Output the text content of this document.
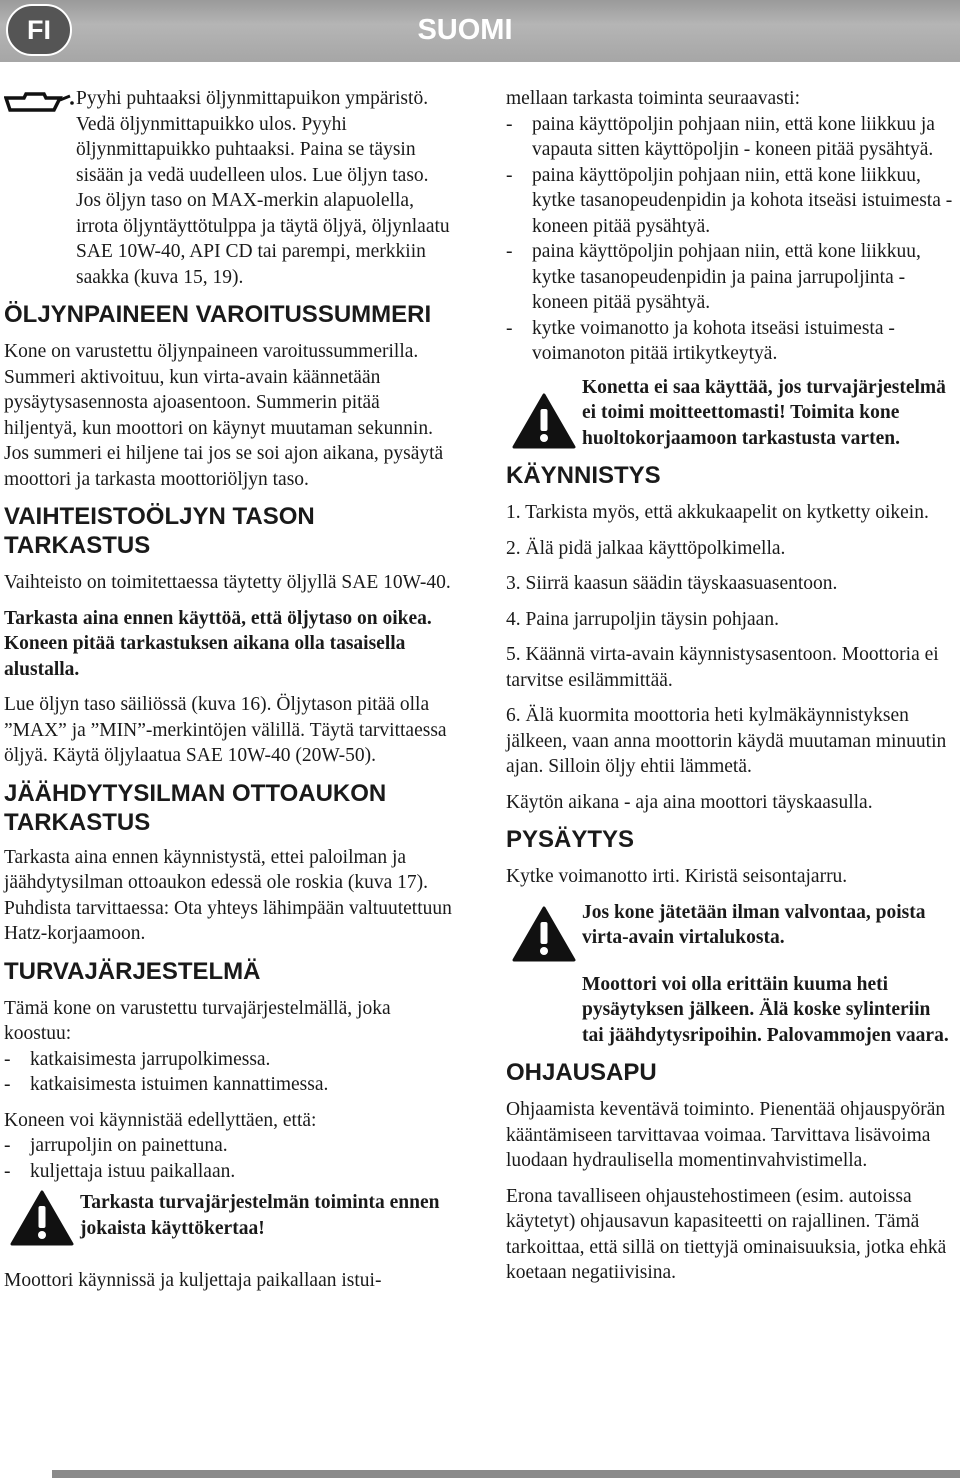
FI	SUOMI

Pyyhi puhtaaksi öljynmittapuikon ympäristö. Vedä öljynmittapuikko ulos. Pyyhi öljynmittapuikko puhtaaksi. Paina se täysin sisään ja vedä uudelleen ulos. Lue öljyn taso. Jos öljyn taso on MAX-merkin alapuolella, irrota öljyntäyttötulppa ja täytä öljyä, öljynlaatu SAE 10W-40, API CD tai parempi, merkkiin saakka (kuva 15, 19).

ÖLJYNPAINEEN VAROITUSSUMMERI

Kone on varustettu öljynpaineen varoitussummerilla. Summeri aktivoituu, kun virta-avain käännetään pysäytysasennosta ajoasentoon. Summerin pitää hiljentyä, kun moottori on käynyt muutaman sekunnin. Jos summeri ei hiljene tai jos se soi ajon aikana, pysäytä moottori ja tarkasta moottoriöljyn taso.

VAIHTEISTOÖLJYN TASON TARKASTUS

Vaihteisto on toimitettaessa täytetty öljyllä SAE 10W-40.

Tarkasta aina ennen käyttöä, että öljytaso on oikea. Koneen pitää tarkastuksen aikana olla tasaisella alustalla.

Lue öljyn taso säiliössä (kuva 16). Öljytason pitää olla ”MAX” ja ”MIN”-merkintöjen välillä. Täytä tarvittaessa öljyä. Käytä öljylaatua SAE 10W-40 (20W-50).

JÄÄHDYTYSILMAN OTTOAUKON TARKASTUS

Tarkasta aina ennen käynnistystä, ettei paloilman ja jäähdytysilman ottoaukon edessä ole roskia (kuva 17). Puhdista tarvittaessa: Ota yhteys lähimpään valtuutettuun Hatz-korjaamoon.

TURVAJÄRJESTELMÄ

Tämä kone on varustettu turvajärjestelmällä, joka koostuu:

-	katkaisimesta jarrupolkimessa.
-	katkaisimesta istuimen kannattimessa.

Koneen voi käynnistää edellyttäen, että:

-	jarrupoljin on painettuna.
-	kuljettaja istuu paikallaan.

Tarkasta turvajärjestelmän toiminta ennen jokaista käyttökertaa!

Moottori käynnissä ja kuljettaja paikallaan istui-

mellaan tarkasta toiminta seuraavasti:

-	paina käyttöpoljin pohjaan niin, että kone liikkuu ja vapauta sitten käyttöpoljin - koneen pitää pysähtyä.
-	paina käyttöpoljin pohjaan niin, että kone liikkuu, kytke tasanopeudenpidin ja kohota itseäsi istuimesta - koneen pitää pysähtyä.
-	paina käyttöpoljin pohjaan niin, että kone liikkuu, kytke tasanopeudenpidin ja paina jarrupoljinta - koneen pitää pysähtyä.
-	kytke voimanotto ja kohota itseäsi istuimesta - voimanoton pitää irtikytkeytyä.

Konetta ei saa käyttää, jos turvajärjestelmä ei toimi moitteettomasti! Toimita kone huoltokorjaamoon tarkastusta varten.

KÄYNNISTYS

1. Tarkista myös, että akkukaapelit on kytketty oikein.

2. Älä pidä jalkaa käyttöpolkimella.

3. Siirrä kaasun säädin täyskaasuasentoon.

4. Paina jarrupoljin täysin pohjaan.

5. Käännä virta-avain käynnistysasentoon. Moottoria ei tarvitse esilämmittää.

6. Älä kuormita moottoria heti kylmäkäynnistyksen jälkeen, vaan anna moottorin käydä muutaman minuutin ajan. Silloin öljy ehtii lämmetä.

Käytön aikana - aja aina moottori täyskaasulla.

PYSÄYTYS

Kytke voimanotto irti. Kiristä seisontajarru.

Jos kone jätetään ilman valvontaa, poista virta-avain virtalukosta.

Moottori voi olla erittäin kuuma heti pysäytyksen jälkeen. Älä koske sylinteriin tai jäähdytysripoihin. Palovammojen vaara.

OHJAUSAPU

Ohjaamista keventävä toiminto. Pienentää ohjauspyörän kääntämiseen tarvittavaa voimaa. Tarvittava lisävoima luodaan hydraulisella momentinvahvistimella.

Erona tavalliseen ohjaustehostimeen (esim. autoissa käytetyt) ohjausavun kapasiteetti on rajallinen. Tämä tarkoittaa, että sillä on tiettyjä ominaisuuksia, jotka ehkä koetaan negatiivisina.
